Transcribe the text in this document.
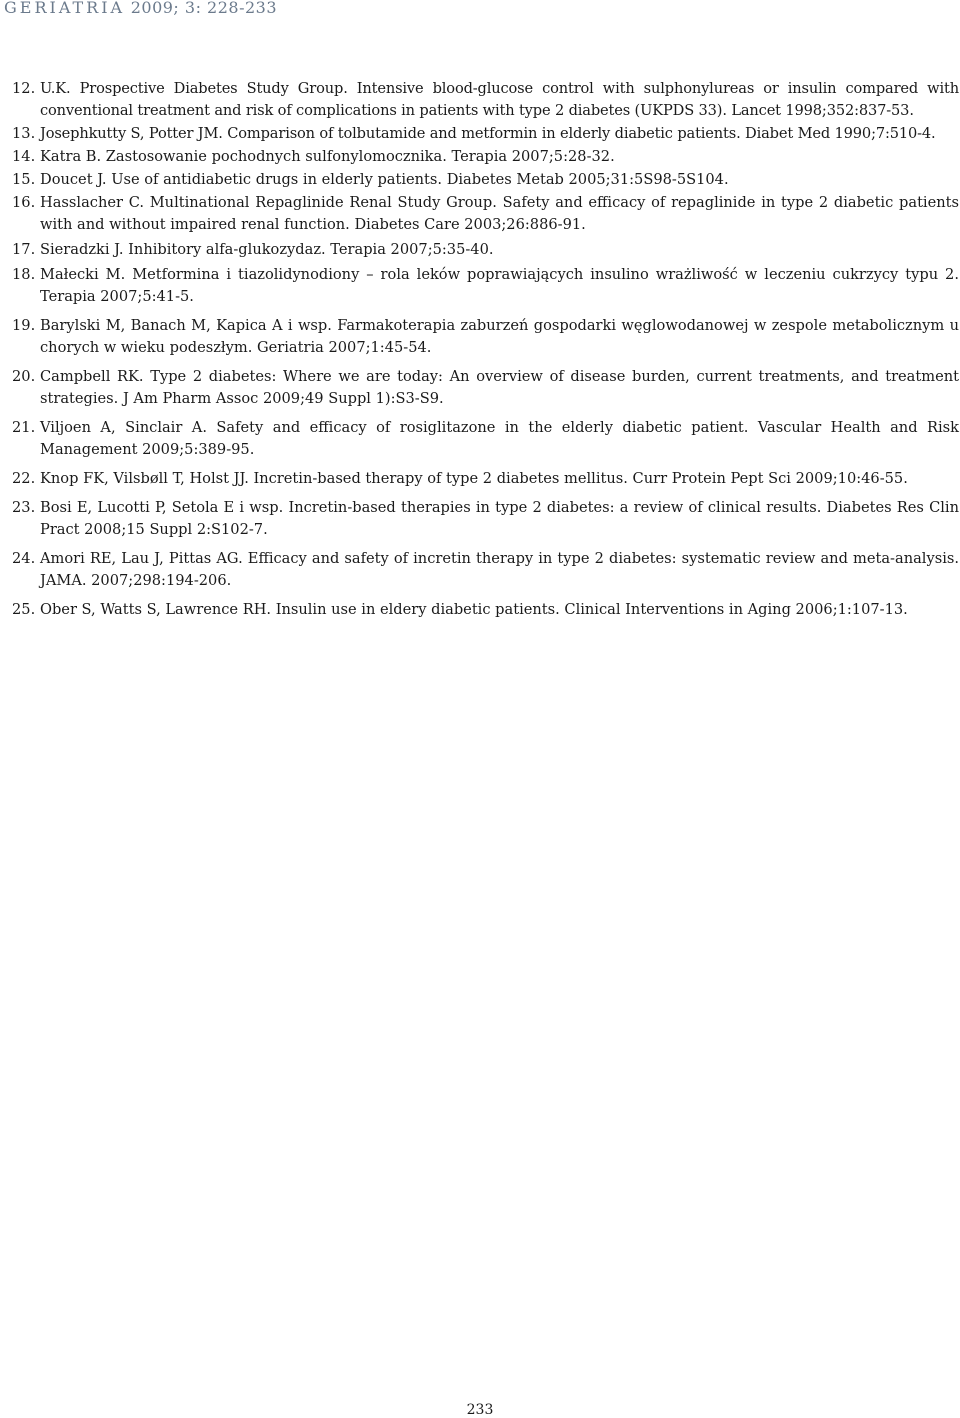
GERIATRIA 2009; 3: 228-233
12. U.K. Prospective Diabetes Study Group. Intensive blood-glucose control with sulphonylureas or insulin compared with conventional treatment and risk of complications in patients with type 2 diabetes (UKPDS 33). Lancet 1998;352:837-53.
13. Josephkutty S, Potter JM. Comparison of tolbutamide and metformin in elderly diabetic patients. Diabet Med 1990;7:510-4.
14. Katra B. Zastosowanie pochodnych sulfonylomocznika. Terapia 2007;5:28-32.
15. Doucet J. Use of antidiabetic drugs in elderly patients. Diabetes Metab 2005;31:5S98-5S104.
16. Hasslacher C. Multinational Repaglinide Renal Study Group. Safety and efficacy of repaglinide in type 2 diabetic patients with and without impaired renal function. Diabetes Care 2003;26:886-91.
17. Sieradzki J. Inhibitory alfa-glukozydaz. Terapia 2007;5:35-40.
18. Małecki M. Metformina i tiazolidynodiony – rola leków poprawiających insulino wrażliwość w leczeniu cukrzycy typu 2. Terapia 2007;5:41-5.
19. Barylski M, Banach M, Kapica A i wsp. Farmakoterapia zaburzeń gospodarki węglowodanowej w zespole metabolicznym u chorych w wieku podeszłym. Geriatria 2007;1:45-54.
20. Campbell RK. Type 2 diabetes: Where we are today: An overview of disease burden, current treatments, and treatment strategies. J Am Pharm Assoc 2009;49 Suppl 1):S3-S9.
21. Viljoen A, Sinclair A. Safety and efficacy of rosiglitazone in the elderly diabetic patient. Vascular Health and Risk Management 2009;5:389-95.
22. Knop FK, Vilsbøll T, Holst JJ. Incretin-based therapy of type 2 diabetes mellitus. Curr Protein Pept Sci 2009;10:46-55.
23. Bosi E, Lucotti P, Setola E i wsp. Incretin-based therapies in type 2 diabetes: a review of clinical results. Diabetes Res Clin Pract 2008;15 Suppl 2:S102-7.
24. Amori RE, Lau J, Pittas AG. Efficacy and safety of incretin therapy in type 2 diabetes: systematic review and meta-analysis. JAMA. 2007;298:194-206.
25. Ober S, Watts S, Lawrence RH. Insulin use in eldery diabetic patients. Clinical Interventions in Aging 2006;1:107-13.
233
